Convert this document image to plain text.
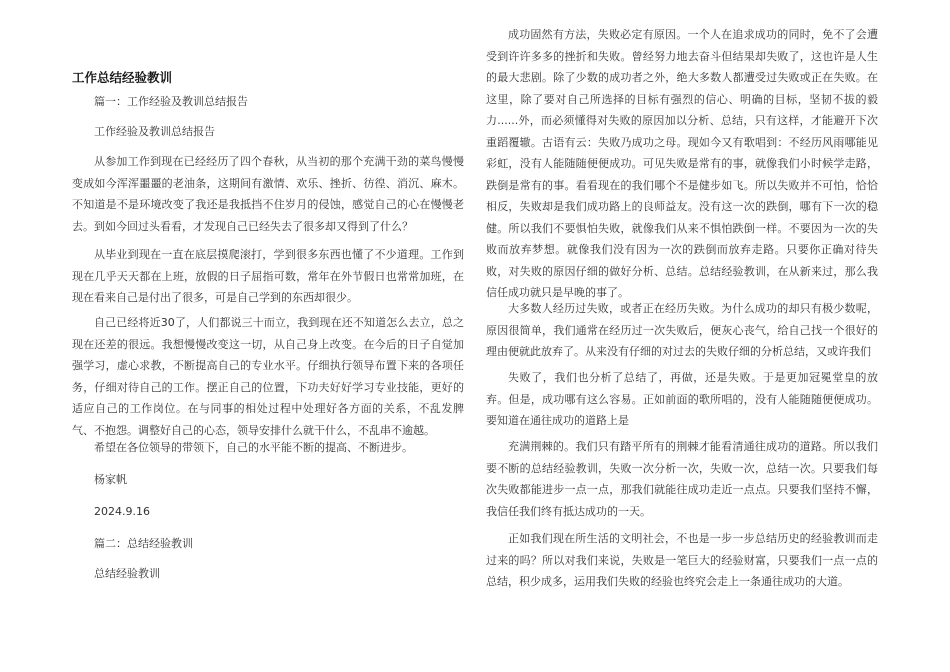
工作总结经验教训
篇一：工作经验及教训总结报告
工作经验及教训总结报告

从参加工作到现在已经经历了四个春秋，从当初的那个充满干劲的菜鸟慢慢变成如今浑浑噩噩的老油条，这期间有激情、欢乐、挫折、彷徨、消沉、麻木。不知道是不是环境改变了我还是我抵挡不住岁月的侵蚀，感觉自己的心在慢慢老去。到如今回过头看看，才发现自己已经失去了很多却又得到了什么？

从毕业到现在一直在底层摸爬滚打，学到很多东西也懂了不少道理。工作到现在几乎天天都在上班，放假的日子屈指可数，常年在外节假日也常常加班，在现在看来自己是付出了很多，可是自己学到的东西却很少。

自己已经将近30了，人们都说三十而立，我到现在还不知道怎么去立，总之现在还差的很远。我想慢慢改变这一切，从自己身上改变。在今后的日子自觉加强学习，虚心求教，不断提高自己的专业水平。仔细执行领导布置下来的各项任务，仔细对待自己的工作。摆正自己的位置，下功夫好好学习专业技能，更好的适应自己的工作岗位。在与同事的相处过程中处理好各方面的关系，不乱发脾气、不抱怨。调整好自己的心态，领导安排什么就干什么，不乱串不逾越。

希望在各位领导的带领下，自己的水平能不断的提高、不断进步。
杨家帆
2024.9.16
篇二：总结经验教训
总结经验教训

成功固然有方法，失败必定有原因。一个人在追求成功的同时，免不了会遭受到许许多多的挫折和失败。曾经努力地去奋斗但结果却失败了，这也许是人生的最大悲剧。除了少数的成功者之外，绝大多数人都遭受过失败或正在失败。在这里，除了要对自己所选择的目标有强烈的信心、明确的目标，坚韧不拔的毅力......外，而必须懂得对失败的原因加以分析、总结，只有这样，才能避开下次重蹈覆辙。古语有云：失败乃成功之母。现如今又有歌唱到：不经历风雨哪能见彩虹，没有人能随随便便成功。可见失败是常有的事，就像我们小时候学走路，跌倒是常有的事。看看现在的我们哪个不是健步如飞。所以失败并不可怕，恰恰相反，失败却是我们成功路上的良师益友。没有这一次的跌倒，哪有下一次的稳健。所以我们不要惧怕失败，就像我们从来不惧怕跌倒一样。不要因为一次的失败而放弃梦想。就像我们没有因为一次的跌倒而放弃走路。只要你正确对待失败，对失败的原因仔细的做好分析、总结。总结经验教训，在从新来过，那么我信任成功就只是早晚的事了。

大多数人经历过失败，或者正在经历失败。为什么成功的却只有极少数呢，原因很简单，我们通常在经历过一次失败后，便灰心丧气，给自己找一个很好的理由便就此放弃了。从来没有仔细的对过去的失败仔细的分析总结，又或许我们

失败了，我们也分析了总结了，再做，还是失败。于是更加冠冕堂皇的放弃。但是，成功哪有这么容易。正如前面的歌所唱的，没有人能随随便便成功。要知道在通往成功的道路上是

充满荆棘的。我们只有踏平所有的荆棘才能看清通往成功的道路。所以我们要不断的总结经验教训，失败一次分析一次，失败一次，总结一次。只要我们每次失败都能进步一点一点，那我们就能往成功走近一点点。只要我们坚持不懈，我信任我们终有抵达成功的一天。

正如我们现在所生活的文明社会，不也是一步一步总结历史的经验教训而走过来的吗？所以对我们来说，失败是一笔巨大的经验财富，只要我们一点一点的总结，积少成多，运用我们失败的经验也终究会走上一条通往成功的大道。
